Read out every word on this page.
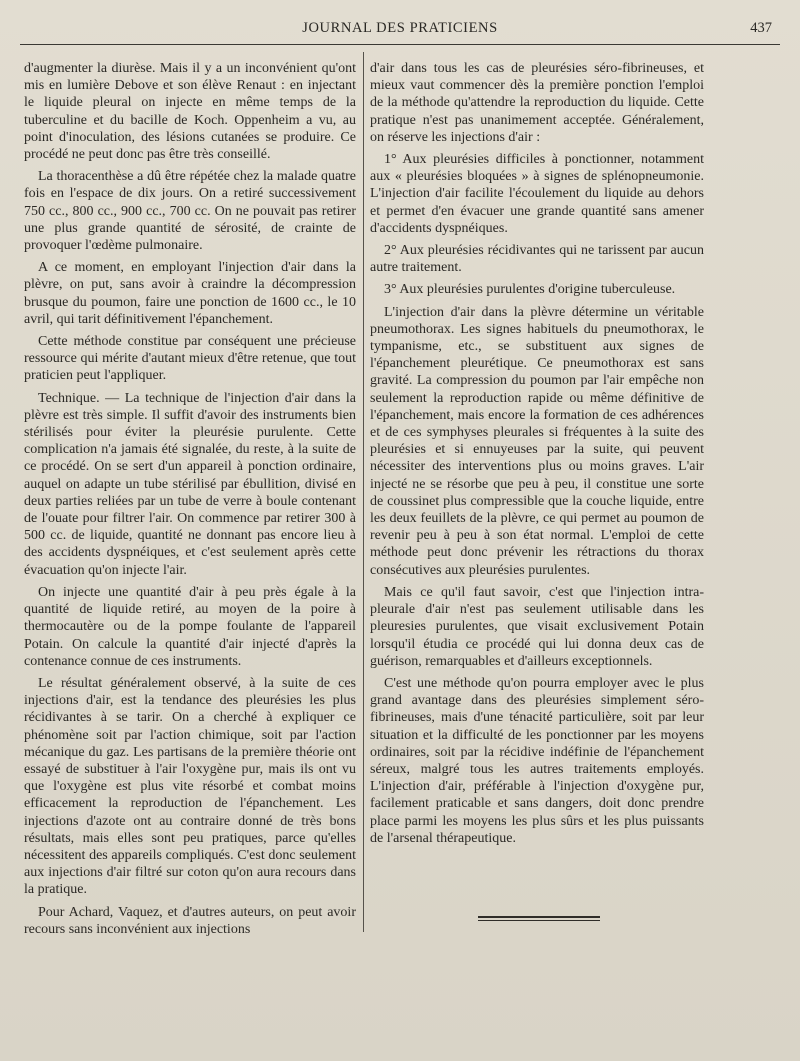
JOURNAL DES PRATICIENS	437

d'augmenter la diurèse. Mais il y a un inconvénient qu'ont mis en lumière Debove et son élève Renaut : en injectant le liquide pleural on injecte en même temps de la tuberculine et du bacille de Koch. Oppenheim a vu, au point d'inoculation, des lésions cutanées se produire. Ce procédé ne peut donc pas être très conseillé.

La thoracenthèse a dû être répétée chez la malade quatre fois en l'espace de dix jours. On a retiré successivement 750 cc., 800 cc., 900 cc., 700 cc. On ne pouvait pas retirer une plus grande quantité de sérosité, de crainte de provoquer l'œdème pulmonaire.

A ce moment, en employant l'injection d'air dans la plèvre, on put, sans avoir à craindre la décompression brusque du poumon, faire une ponction de 1600 cc., le 10 avril, qui tarit définitivement l'épanchement.

Cette méthode constitue par conséquent une précieuse ressource qui mérite d'autant mieux d'être retenue, que tout praticien peut l'appliquer.

Technique. — La technique de l'injection d'air dans la plèvre est très simple. Il suffit d'avoir des instruments bien stérilisés pour éviter la pleurésie purulente. Cette complication n'a jamais été signalée, du reste, à la suite de ce procédé. On se sert d'un appareil à ponction ordinaire, auquel on adapte un tube stérilisé par ébullition, divisé en deux parties reliées par un tube de verre à boule contenant de l'ouate pour filtrer l'air. On commence par retirer 300 à 500 cc. de liquide, quantité ne donnant pas encore lieu à des accidents dyspnéiques, et c'est seulement après cette évacuation qu'on injecte l'air.

On injecte une quantité d'air à peu près égale à la quantité de liquide retiré, au moyen de la poire à thermocautère ou de la pompe foulante de l'appareil Potain. On calcule la quantité d'air injecté d'après la contenance connue de ces instruments.

Le résultat généralement observé, à la suite de ces injections d'air, est la tendance des pleurésies les plus récidivantes à se tarir. On a cherché à expliquer ce phénomène soit par l'action chimique, soit par l'action mécanique du gaz. Les partisans de la première théorie ont essayé de substituer à l'air l'oxygène pur, mais ils ont vu que l'oxygène est plus vite résorbé et combat moins efficacement la reproduction de l'épanchement. Les injections d'azote ont au contraire donné de très bons résultats, mais elles sont peu pratiques, parce qu'elles nécessitent des appareils compliqués. C'est donc seulement aux injections d'air filtré sur coton qu'on aura recours dans la pratique.

Pour Achard, Vaquez, et d'autres auteurs, on peut avoir recours sans inconvénient aux injections

d'air dans tous les cas de pleurésies séro-fibrineuses, et mieux vaut commencer dès la première ponction l'emploi de la méthode qu'attendre la reproduction du liquide. Cette pratique n'est pas unanimement acceptée. Généralement, on réserve les injections d'air :

1° Aux pleurésies difficiles à ponctionner, notamment aux « pleurésies bloquées » à signes de splénopneumonie. L'injection d'air facilite l'écoulement du liquide au dehors et permet d'en évacuer une grande quantité sans amener d'accidents dyspnéiques.

2° Aux pleurésies récidivantes qui ne tarissent par aucun autre traitement.

3° Aux pleurésies purulentes d'origine tuberculeuse.

L'injection d'air dans la plèvre détermine un véritable pneumothorax. Les signes habituels du pneumothorax, le tympanisme, etc., se substituent aux signes de l'épanchement pleurétique. Ce pneumothorax est sans gravité. La compression du poumon par l'air empêche non seulement la reproduction rapide ou même définitive de l'épanchement, mais encore la formation de ces adhérences et de ces symphyses pleurales si fréquentes à la suite des pleurésies et si ennuyeuses par la suite, qui peuvent nécessiter des interventions plus ou moins graves. L'air injecté ne se résorbe que peu à peu, il constitue une sorte de coussinet plus compressible que la couche liquide, entre les deux feuillets de la plèvre, ce qui permet au poumon de revenir peu à peu à son état normal. L'emploi de cette méthode peut donc prévenir les rétractions du thorax consécutives aux pleurésies purulentes.

Mais ce qu'il faut savoir, c'est que l'injection intra-pleurale d'air n'est pas seulement utilisable dans les pleuresies purulentes, que visait exclusivement Potain lorsqu'il étudia ce procédé qui lui donna deux cas de guérison, remarquables et d'ailleurs exceptionnels.

C'est une méthode qu'on pourra employer avec le plus grand avantage dans des pleurésies simplement séro-fibrineuses, mais d'une ténacité particulière, soit par leur situation et la difficulté de les ponctionner par les moyens ordinaires, soit par la récidive indéfinie de l'épanchement séreux, malgré tous les autres traitements employés. L'injection d'air, préférable à l'injection d'oxygène pur, facilement praticable et sans dangers, doit donc prendre place parmi les moyens les plus sûrs et les plus puissants de l'arsenal thérapeutique.
